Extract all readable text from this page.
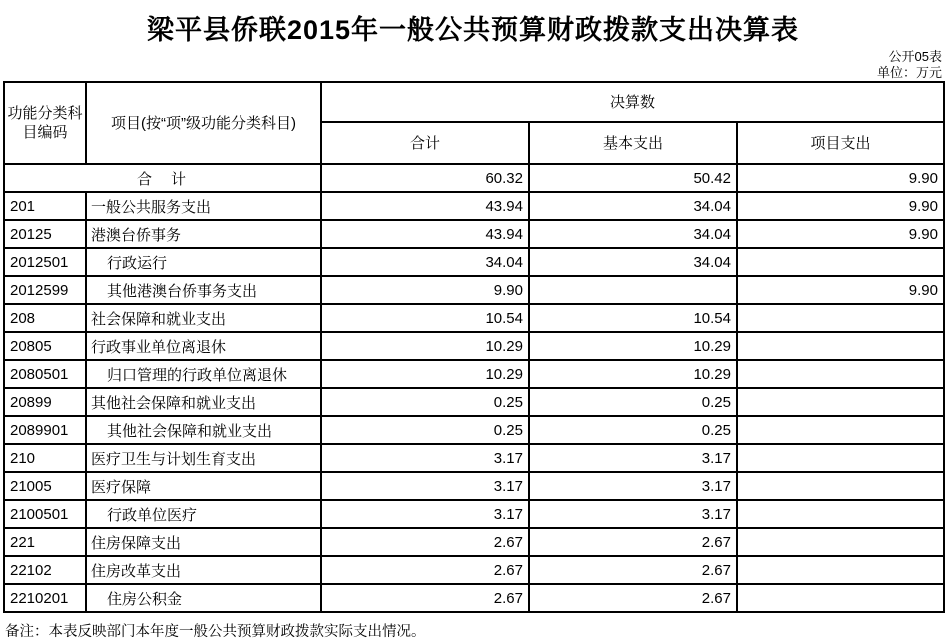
梁平县侨联2015年一般公共预算财政拨款支出决算表
公开05表
单位：万元
功能分类科目编码	项目(按“项”级功能分类科目)	决算数		
		合计	基本支出	项目支出
合　计		60.32	50.42	9.90
201	一般公共服务支出	43.94	34.04	9.90
20125	港澳台侨事务	43.94	34.04	9.90
2012501	行政运行	34.04	34.04	
2012599	其他港澳台侨事务支出	9.90		9.90
208	社会保障和就业支出	10.54	10.54	
20805	行政事业单位离退休	10.29	10.29	
2080501	归口管理的行政单位离退休	10.29	10.29	
20899	其他社会保障和就业支出	0.25	0.25	
2089901	其他社会保障和就业支出	0.25	0.25	
210	医疗卫生与计划生育支出	3.17	3.17	
21005	医疗保障	3.17	3.17	
2100501	行政单位医疗	3.17	3.17	
221	住房保障支出	2.67	2.67	
22102	住房改革支出	2.67	2.67	
2210201	住房公积金	2.67	2.67	
备注：本表反映部门本年度一般公共预算财政拨款实际支出情况。
